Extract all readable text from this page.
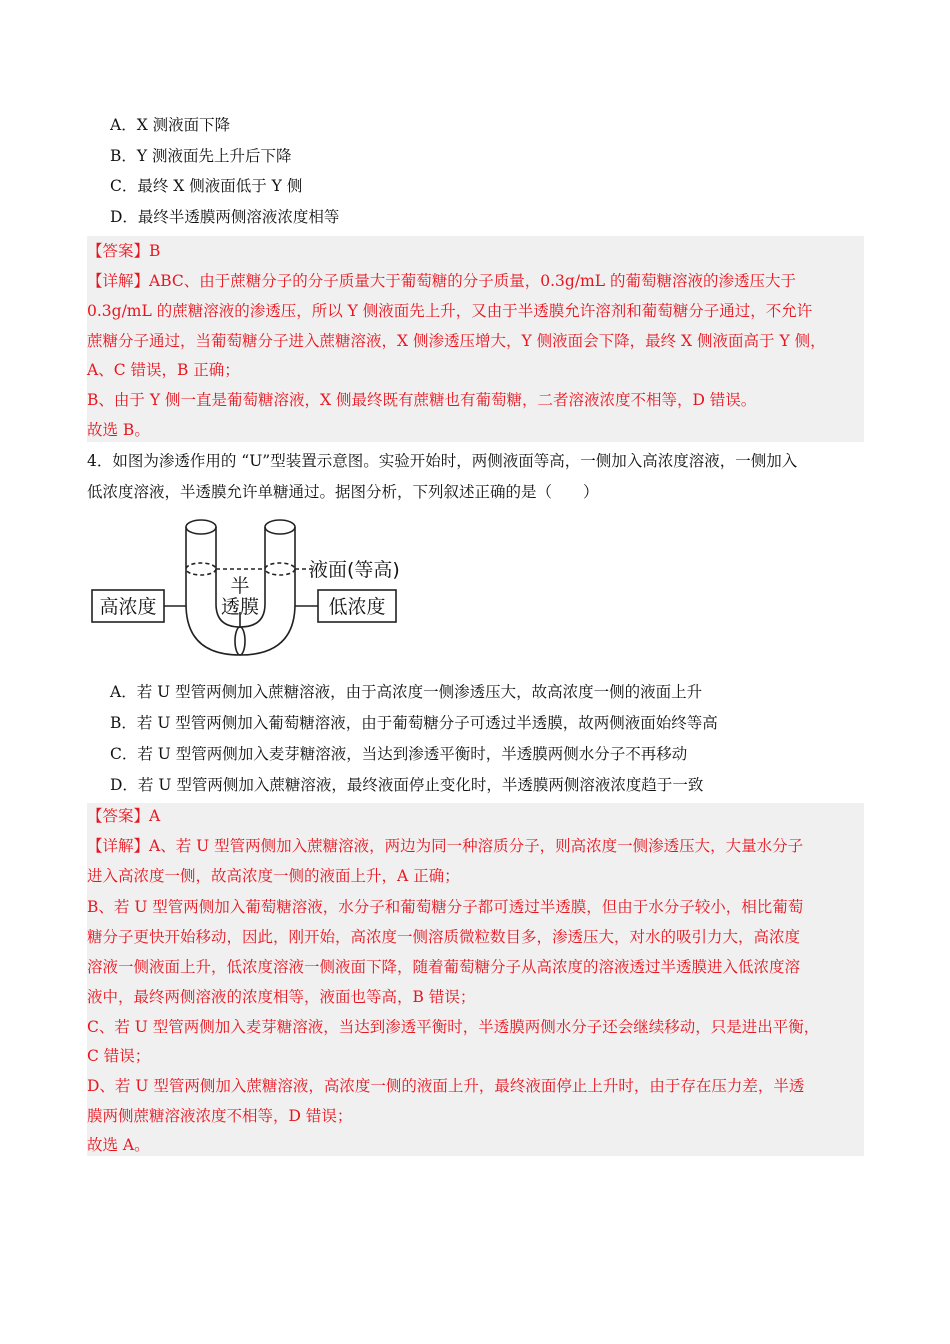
A．X 测液面下降
B．Y 测液面先上升后下降
C．最终 X 侧液面低于 Y 侧
D．最终半透膜两侧溶液浓度相等
【答案】B
【详解】ABC、由于蔗糖分子的分子质量大于葡萄糖的分子质量，0.3g/mL 的葡萄糖溶液的渗透压大于
0.3g/mL 的蔗糖溶液的渗透压，所以 Y 侧液面先上升，又由于半透膜允许溶剂和葡萄糖分子通过，不允许
蔗糖分子通过，当葡萄糖分子进入蔗糖溶液，X 侧渗透压增大，Y 侧液面会下降，最终 X 侧液面高于 Y 侧，
A、C 错误，B 正确；
B、由于 Y 侧一直是葡萄糖溶液，X 侧最终既有蔗糖也有葡萄糖，二者溶液浓度不相等，D 错误。
故选 B。
4．如图为渗透作用的 “U”型装置示意图。实验开始时，两侧液面等高，一侧加入高浓度溶液，一侧加入
低浓度溶液，半透膜允许单糖通过。据图分析，下列叙述正确的是（　　）
高浓度	低浓度
半
透膜
液面(等高)
A．若 U 型管两侧加入蔗糖溶液，由于高浓度一侧渗透压大，故高浓度一侧的液面上升
B．若 U 型管两侧加入葡萄糖溶液，由于葡萄糖分子可透过半透膜，故两侧液面始终等高
C．若 U 型管两侧加入麦芽糖溶液，当达到渗透平衡时，半透膜两侧水分子不再移动
D．若 U 型管两侧加入蔗糖溶液，最终液面停止变化时，半透膜两侧溶液浓度趋于一致
【答案】A
【详解】A、若 U 型管两侧加入蔗糖溶液，两边为同一种溶质分子，则高浓度一侧渗透压大，大量水分子
进入高浓度一侧，故高浓度一侧的液面上升，A 正确；
B、若 U 型管两侧加入葡萄糖溶液，水分子和葡萄糖分子都可透过半透膜，但由于水分子较小，相比葡萄
糖分子更快开始移动，因此，刚开始，高浓度一侧溶质微粒数目多，渗透压大，对水的吸引力大，高浓度
溶液一侧液面上升，低浓度溶液一侧液面下降，随着葡萄糖分子从高浓度的溶液透过半透膜进入低浓度溶
液中，最终两侧溶液的浓度相等，液面也等高，B 错误；
C、若 U 型管两侧加入麦芽糖溶液，当达到渗透平衡时，半透膜两侧水分子还会继续移动，只是进出平衡，
C 错误；
D、若 U 型管两侧加入蔗糖溶液，高浓度一侧的液面上升，最终液面停止上升时，由于存在压力差，半透
膜两侧蔗糖溶液浓度不相等，D 错误；
故选 A。
